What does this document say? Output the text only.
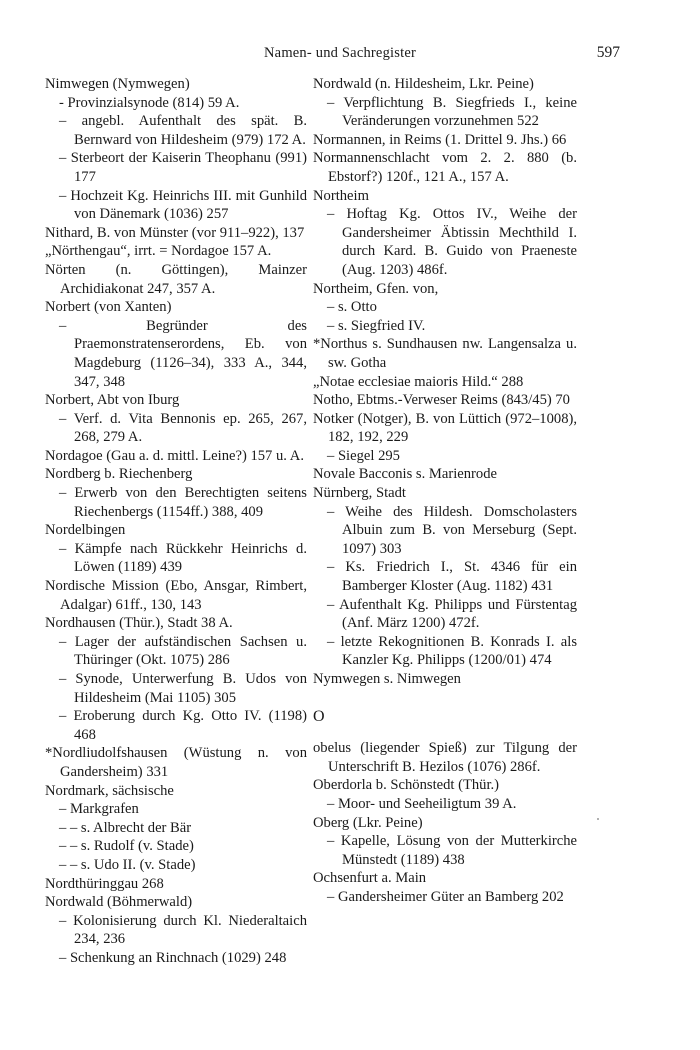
Namen- und Sachregister	597
Nimwegen (Nymwegen)
- Provinzialsynode (814) 59 A.
– angebl. Aufenthalt des spät. B. Bernward von Hildesheim (979) 172 A.
– Sterbeort der Kaiserin Theophanu (991) 177
– Hochzeit Kg. Heinrichs III. mit Gunhild von Dänemark (1036) 257
Nithard, B. von Münster (vor 911–922), 137
„Nörthengau“, irrt. = Nordagoe 157 A.
Nörten (n. Göttingen), Mainzer Archidiakonat 247, 357 A.
Norbert (von Xanten)
– Begründer des Praemonstratenserordens, Eb. von Magdeburg (1126–34), 333 A., 344, 347, 348
Norbert, Abt von Iburg
– Verf. d. Vita Bennonis ep. 265, 267, 268, 279 A.
Nordagoe (Gau a. d. mittl. Leine?) 157 u. A.
Nordberg b. Riechenberg
– Erwerb von den Berechtigten seitens Riechenbergs (1154ff.) 388, 409
Nordelbingen
– Kämpfe nach Rückkehr Heinrichs d. Löwen (1189) 439
Nordische Mission (Ebo, Ansgar, Rimbert, Adalgar) 61ff., 130, 143
Nordhausen (Thür.), Stadt 38 A.
– Lager der aufständischen Sachsen u. Thüringer (Okt. 1075) 286
– Synode, Unterwerfung B. Udos von Hildesheim (Mai 1105) 305
– Eroberung durch Kg. Otto IV. (1198) 468
*Nordliudolfshausen (Wüstung n. von Gandersheim) 331
Nordmark, sächsische
– Markgrafen
– – s. Albrecht der Bär
– – s. Rudolf (v. Stade)
– – s. Udo II. (v. Stade)
Nordthüringgau 268
Nordwald (Böhmerwald)
– Kolonisierung durch Kl. Niederaltaich 234, 236
– Schenkung an Rinchnach (1029) 248
Nordwald (n. Hildesheim, Lkr. Peine)
– Verpflichtung B. Siegfrieds I., keine Veränderungen vorzunehmen 522
Normannen, in Reims (1. Drittel 9. Jhs.) 66
Normannenschlacht vom 2. 2. 880 (b. Ebstorf?) 120f., 121 A., 157 A.
Northeim
– Hoftag Kg. Ottos IV., Weihe der Gandersheimer Äbtissin Mechthild I. durch Kard. B. Guido von Praeneste (Aug. 1203) 486f.
Northeim, Gfen. von,
– s. Otto
– s. Siegfried IV.
*Northus s. Sundhausen nw. Langensalza u. sw. Gotha
„Notae ecclesiae maioris Hild.“ 288
Notho, Ebtms.-Verweser Reims (843/45) 70
Notker (Notger), B. von Lüttich (972–1008), 182, 192, 229
– Siegel 295
Novale Bacconis s. Marienrode
Nürnberg, Stadt
– Weihe des Hildesh. Domscholasters Albuin zum B. von Merseburg (Sept. 1097) 303
– Ks. Friedrich I., St. 4346 für ein Bamberger Kloster (Aug. 1182) 431
– Aufenthalt Kg. Philipps und Fürstentag (Anf. März 1200) 472f.
– letzte Rekognitionen B. Konrads I. als Kanzler Kg. Philipps (1200/01) 474
Nymwegen s. Nimwegen
O
obelus (liegender Spieß) zur Tilgung der Unterschrift B. Hezilos (1076) 286f.
Oberdorla b. Schönstedt (Thür.)
– Moor- und Seeheiligtum 39 A.
Oberg (Lkr. Peine)
– Kapelle, Lösung von der Mutterkirche Münstedt (1189) 438
Ochsenfurt a. Main
– Gandersheimer Güter an Bamberg 202
